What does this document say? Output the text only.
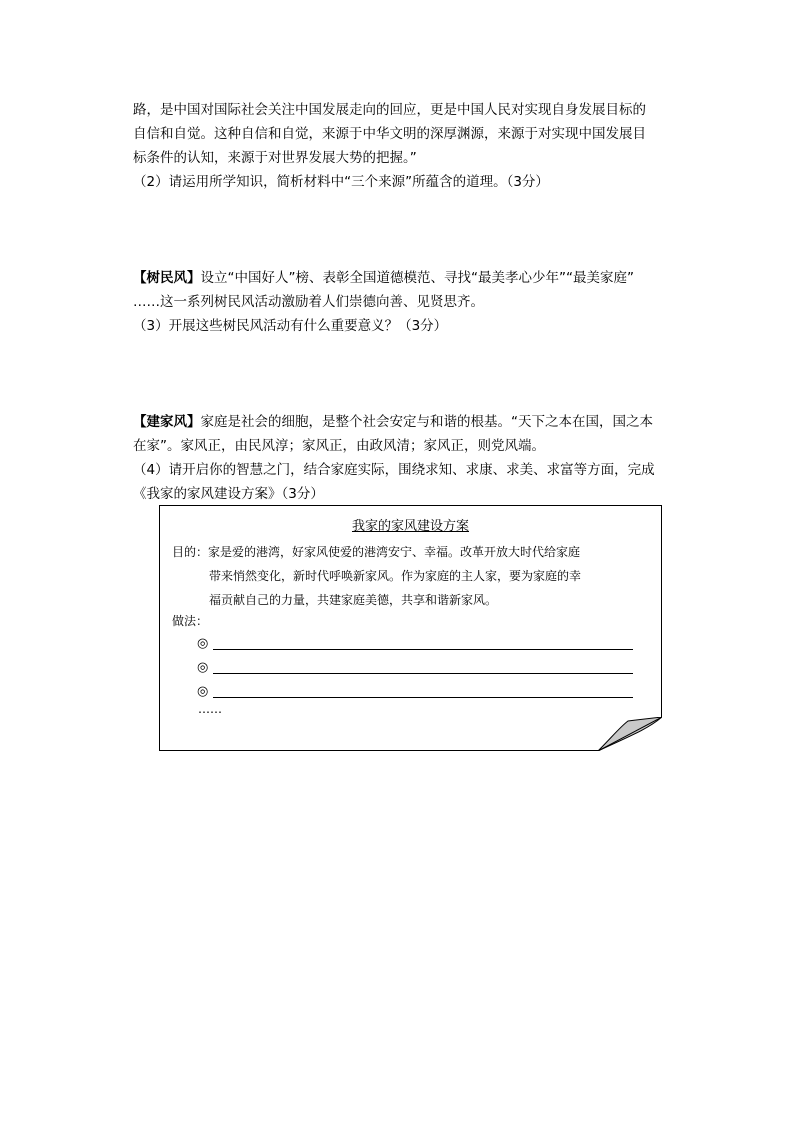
路，是中国对国际社会关注中国发展走向的回应，更是中国人民对实现自身发展目标的

自信和自觉。这种自信和自觉，来源于中华文明的深厚渊源，来源于对实现中国发展目

标条件的认知，来源于对世界发展大势的把握。”

（2）请运用所学知识，简析材料中“三个来源”所蕴含的道理。（3分）

【树民风】设立“中国好人”榜、表彰全国道德模范、寻找“最美孝心少年”“最美家庭”

……这一系列树民风活动激励着人们崇德向善、见贤思齐。

（3）开展这些树民风活动有什么重要意义？（3分）

【建家风】家庭是社会的细胞，是整个社会安定与和谐的根基。“天下之本在国，国之本

在家”。家风正，由民风淳；家风正，由政风清；家风正，则党风端。

（4）请开启你的智慧之门，结合家庭实际，围绕求知、求康、求美、求富等方面，完成

《我家的家风建设方案》（3分）

我家的家风建设方案

目的：家是爱的港湾，好家风使爱的港湾安宁、幸福。改革开放大时代给家庭

带来悄然变化，新时代呼唤新家风。作为家庭的主人家，要为家庭的幸

福贡献自己的力量，共建家庭美德，共享和谐新家风。

做法：
◎
◎
◎
……
